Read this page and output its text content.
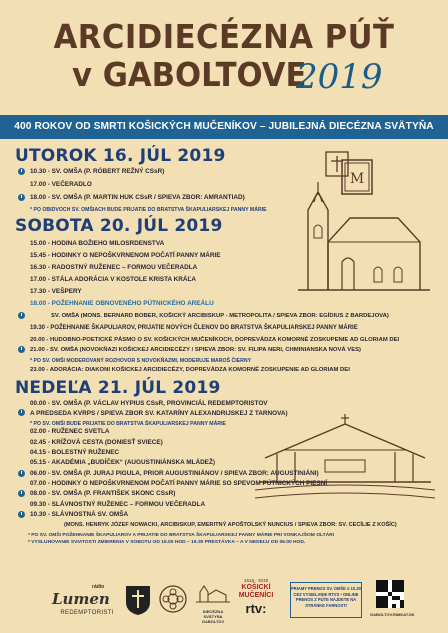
ARCIDIECÉZNA PÚŤ
v GABOLTOVE
2019
400 ROKOV OD SMRTI KOŠICKÝCH MUČENÍKOV – JUBILEJNÁ DIECÉZNA SVÄTYŇA
M
UTOROK 16. JÚL 2019
SOBOTA 20. JÚL 2019
NEDEĽA 21. JÚL 2019
10.30 - SV. OMŠA (P. RÓBERT REŽNÝ CSsR)
17.00 - VEČERADLO
18.00 - SV. OMŠA (P. MARTIN HUK CSsR / SPIEVA ZBOR: AMRANTIAD)
* PO OBIDVOCH SV. OMŠIACH BUDE PRIJATIE DO BRATSTVA ŠKAPULIARSKEJ PANNY MÁRIE
15.00 - HODINA BOŽIEHO MILOSRDENSTVA
15.45 - HODINKY O NEPOŠKVRNENOM POČATÍ PANNY MÁRIE
16.30 - RADOSTNÝ RUŽENEC – FORMOU VEČERADLA
17.00 - STÁLA ADORÁCIA V KOSTOLE KRISTA KRÁĽA
17.30 - VEŠPERY
18.00 - POŽEHNANIE OBNOVENÉHO PÚTNICKÉHO AREÁLU
SV. OMŠA (MONS. BERNARD BOBER, KOŠICKÝ ARCIBISKUP - METROPOLITA / SPIEVA ZBOR: EGÍDIUS Z BARDEJOVA)
19.30 - POŽEHNANIE ŠKAPULIAROV, PRIJATIE NOVÝCH ČLENOV DO BRATSTVA ŠKAPULIARSKEJ PANNY MÁRIE
20.00 - HUDOBNO-POETICKÉ PÁSMO O SV. KOŠICKÝCH MUČENÍKOCH, DOPREVÁDZA KOMORNÉ ZOSKUPENIE AD GLORIAM DEI
00.00 - SV. OMŠA (P. VÁCLAV HYPIUS CSsR, PROVINCIÁL REDEMPTORISTOV
A PREDSEDA KVRPS / SPIEVA ZBOR SV. KATARÍNY ALEXANDRIJSKEJ Z TARNOVA)
* PO SV. OMŠI BUDE PRIJATIE DO BRATSTVA ŠKAPULIARSKEJ PANNY MÁRIE
02.00 - RUŽENEC SVETLA
02.45 - KRÍŽOVÁ CESTA (DONIESŤ SVIECE)
04.15 - BOLESTNÝ RUŽENEC
05.15 - AKADÉMIA „BUDÍČEK“ (AUGUSTINIÁNSKA MLÁDEŽ)
06.00 - SV. OMŠA (P. JURAJ PIGULA, PRIOR AUGUSTINIÁNOV / SPIEVA ZBOR: AUGUSTINIÁNI)
07.00 - HODINKY O NEPOŠKVRNENOM POČATÍ PANNY MÁRIE SO SPEVOM PÚTNICKÝCH PIESNÍ
08.00 - SV. OMŠA (P. FRANTIŠEK SKONC CSsR)
09.30 - SLÁVNOSTNÝ RUŽENEC – FORMOU VEČERADLA
10.30 - SLÁVNOSTNÁ SV. OMŠA
(MONS. HENRYK JÓZEF NOWACKI, ARCIBISKUP, EMERITNÝ APOŠTOLSKÝ NUNCIUS / SPIEVA ZBOR: SV. CECÍLIE Z KOŠÍC)
* PO SV. OMŠI POŽEHNANIE ŠKAPULIAROV A PRIJATIE DO BRATSTVA ŠKAPULIARSKEJ PANNY MÁRIE PRI VONKAJŠOM OLTÁRI
* VYSLUHOVANIE SVIATOSTI ZMIERENIA V SOBOTU OD 16.00 HOD – 19.30 PRESTÁVKA – A V NEDEĽU OD 06.00 HOD.
rádio
Lumen
REDEMPTORISTI	DIECÉZNA SVÄTYŇA GABOLTOV
1619 - 2019
KOŠICKÍ MUČENÍCI
rtv:
PRIAMY PRENOS SV. OMŠE o 10.30 CEZ VYSIELANIE RTVS • ONLINE PRENOS Z PÚTE NÁJDETE NA STRÁNKE FARNOSTI
GABOLTOV.RIMKAT.SK
21.00 - SV. OMŠA (NOVOKŇAZI KOŠICKEJ ARCIDIECÉZY / SPIEVA ZBOR: SV. FILIPA NERI, CHMINIANSKA NOVÁ VES)
* PO SV. OMŠI MODEROVANÝ ROZHOVOR S NOVOKŇAZMI, MODERUJE MAROŠ ČIERNY
23.00 - ADORÁCIA: DIAKONI KOŠICKEJ ARCIDIECÉZY, DOPREVÁDZA KOMORNÉ ZOSKUPENIE AD GLORIAM DEI
